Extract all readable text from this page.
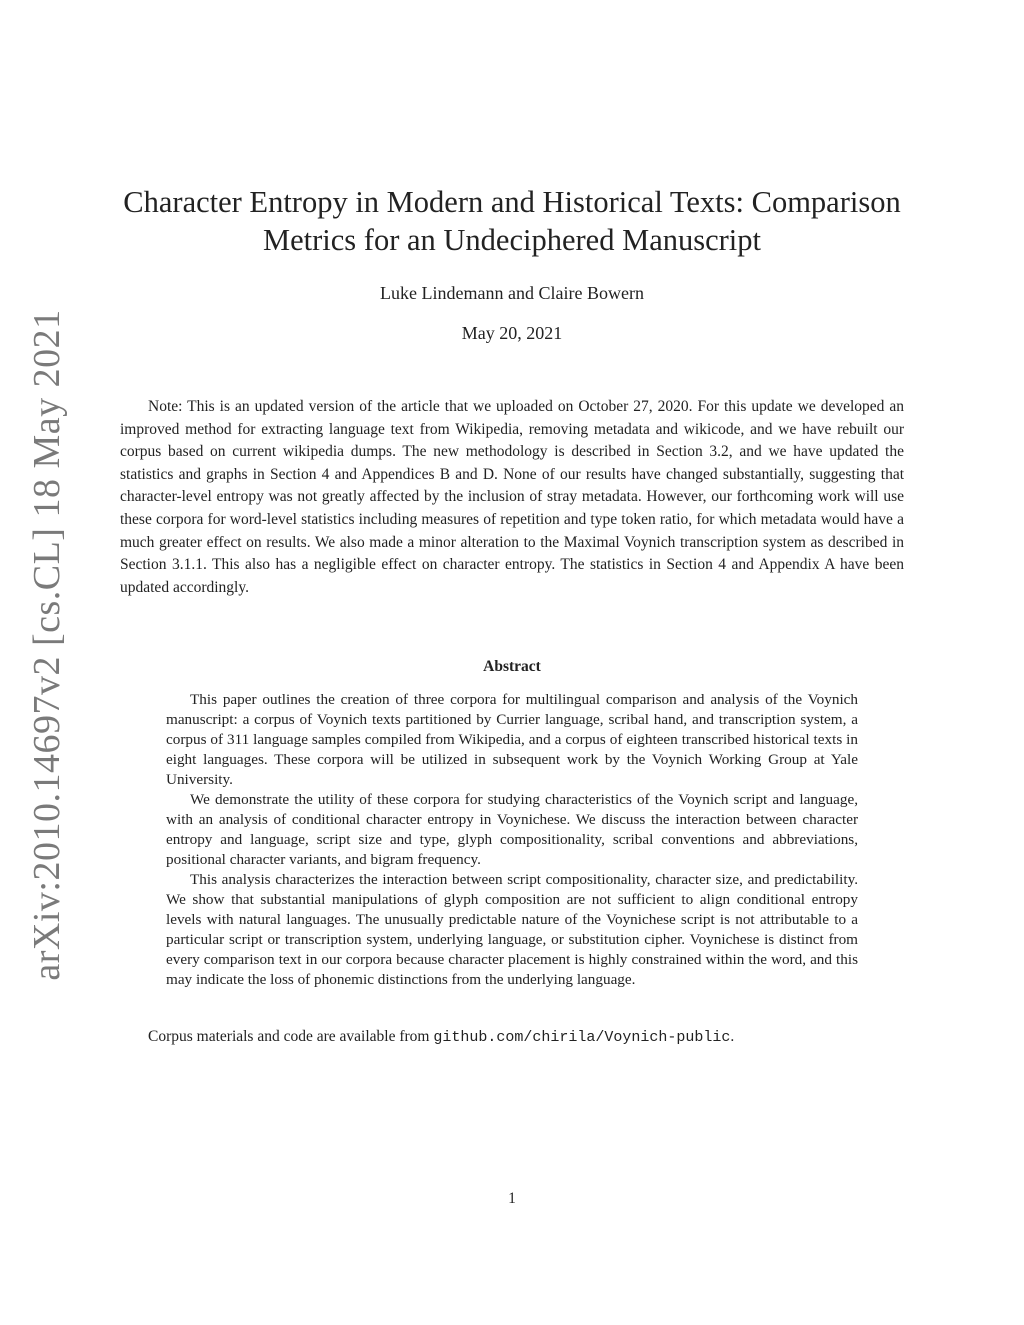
arXiv:2010.14697v2 [cs.CL] 18 May 2021
Character Entropy in Modern and Historical Texts: Comparison
Metrics for an Undeciphered Manuscript
Luke Lindemann and Claire Bowern
May 20, 2021
Note: This is an updated version of the article that we uploaded on October 27, 2020. For this update we developed an improved method for extracting language text from Wikipedia, removing metadata and wikicode, and we have rebuilt our corpus based on current wikipedia dumps. The new methodology is described in Section 3.2, and we have updated the statistics and graphs in Section 4 and Appendices B and D. None of our results have changed substantially, suggesting that character-level entropy was not greatly affected by the inclusion of stray metadata. However, our forthcoming work will use these corpora for word-level statistics including measures of repetition and type token ratio, for which metadata would have a much greater effect on results. We also made a minor alteration to the Maximal Voynich transcription system as described in Section 3.1.1. This also has a negligible effect on character entropy. The statistics in Section 4 and Appendix A have been updated accordingly.
Abstract

This paper outlines the creation of three corpora for multilingual comparison and analysis of the Voynich manuscript: a corpus of Voynich texts partitioned by Currier language, scribal hand, and transcription system, a corpus of 311 language samples compiled from Wikipedia, and a corpus of eighteen transcribed historical texts in eight languages. These corpora will be utilized in subsequent work by the Voynich Working Group at Yale University.

We demonstrate the utility of these corpora for studying characteristics of the Voynich script and language, with an analysis of conditional character entropy in Voynichese. We discuss the interaction between character entropy and language, script size and type, glyph compositionality, scribal conventions and abbreviations, positional character variants, and bigram frequency.

This analysis characterizes the interaction between script compositionality, character size, and predictability. We show that substantial manipulations of glyph composition are not sufficient to align conditional entropy levels with natural languages. The unusually predictable nature of the Voynichese script is not attributable to a particular script or transcription system, underlying language, or substitution cipher. Voynichese is distinct from every comparison text in our corpora because character placement is highly constrained within the word, and this may indicate the loss of phonemic distinctions from the underlying language.

Corpus materials and code are available from github.com/chirila/Voynich-public.
1
